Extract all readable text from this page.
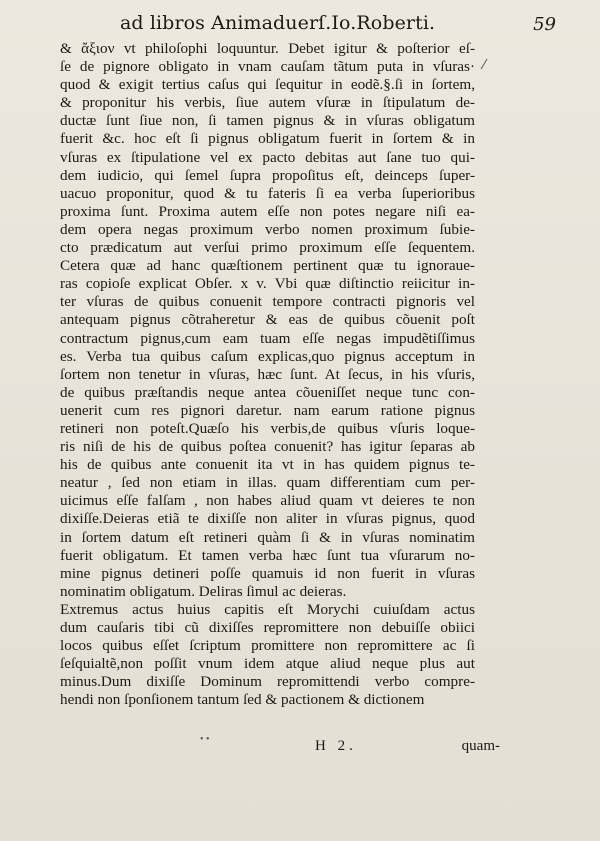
ad libros Animaduerſ.Io.Roberti.	59
⁄
& ἄξιον vt philoſophi loquuntur. Debet igitur & poſterior eſ-
ſe de pignore obligato in vnam cauſam tãtum puta in vſuras·
quod & exigit tertius caſus qui ſequitur in eodẽ.§.ſi in ſortem,
& proponitur his verbis, ſiue autem vſuræ in ſtipulatum de-
ductæ ſunt ſiue non, ſi tamen pignus & in vſuras obligatum
fuerit &c. hoc eſt ſi pignus obligatum fuerit in ſortem & in
vſuras ex ſtipulatione vel ex pacto debitas aut ſane tuo qui-
dem iudicio, qui ſemel ſupra propoſitus eſt, deinceps ſuper-
uacuo proponitur, quod & tu fateris ſi ea verba ſuperioribus
proxima ſunt. Proxima autem eſſe non potes negare niſi ea-
dem opera negas proximum verbo nomen proximum ſubie-
cto prædicatum aut verſui primo proximum eſſe ſequentem.
Cetera quæ ad hanc quæſtionem pertinent quæ tu ignoraue-
ras copioſe explicat Obſer. x v. Vbi quæ diſtinctio reiicitur in-
ter vſuras de quibus conuenit tempore contracti pignoris vel
antequam pignus cõtraheretur & eas de quibus cõuenit poſt
contractum pignus,cum eam tuam eſſe negas impudẽtiſſimus
es. Verba tua quibus caſum explicas,quo pignus acceptum in
ſortem non tenetur in vſuras, hæc ſunt. At ſecus, in his vſuris,
de quibus præſtandis neque antea cõueniſſet neque tunc con-
uenerit cum res pignori daretur. nam earum ratione pignus
retineri non poteſt.Quæſo his verbis,de quibus vſuris loque-
ris niſi de his de quibus poſtea conuenit? has igitur ſeparas ab
his de quibus ante conuenit ita vt in has quidem pignus te-
neatur , ſed non etiam in illas. quam differentiam cum per-
uicimus eſſe falſam , non habes aliud quam vt deieres te non
dixiſſe.Deieras etiã te dixiſſe non aliter in vſuras pignus, quod
in ſortem datum eſt retineri quàm ſi & in vſuras nominatim
fuerit obligatum. Et tamen verba hæc ſunt tua vſurarum no-
mine pignus detineri poſſe quamuis id non fuerit in vſuras
nominatim obligatum. Deliras ſimul ac deieras.
Extremus actus huius capitis eſt Morychi cuiuſdam actus
dum cauſaris tibi cũ dixiſſes repromittere non debuiſſe obiici
locos quibus eſſet ſcriptum promittere non repromittere ac ſi
ſeſquialtẽ,non poſſit vnum idem atque aliud neque plus aut
minus.Dum dixiſſe Dominum repromittendi verbo compre-
hendi non ſponſionem tantum ſed & pactionem & dictionem
• •	H 2.	quam-
